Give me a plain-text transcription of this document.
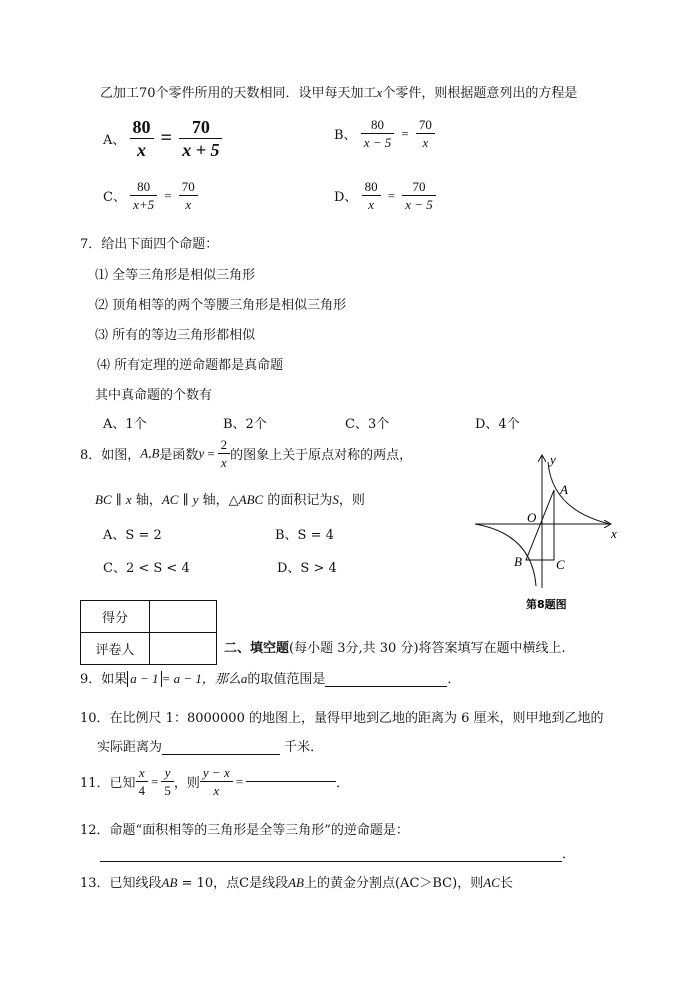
乙加工70个零件所用的天数相同．设甲每天加工x个零件，则根据题意列出的方程是
A、 $\frac{80}{x} = \frac{70}{x + 5}$	B、 $\frac{80}{x - 5} = \frac{70}{x}$
C、 $\frac{80}{x+5} = \frac{70}{x}$	D、 $\frac{80}{x} = \frac{70}{x - 5}$
7．给出下面四个命题：
⑴ 全等三角形是相似三角形
⑵ 顶角相等的两个等腰三角形是相似三角形
⑶ 所有的等边三角形都相似
⑷ 所有定理的逆命题都是真命题
其中真命题的个数有
A、1个	B、2个	C、3个	D、4个
8．如图，A,B是函数$y = \frac{2}{x}$ 的图象上关于原点对称的两点，
BC ∥ x 轴，AC ∥ y 轴，△ABC 的面积记为S，则
A、S = 2	B、S = 4
C、2 < S < 4	D、S > 4
y
x
O
A
B	C
第8题图
得分	
评卷人		二、填空题(每小题 3分,共 30 分)将答案填写在题中横线上.
9．如果 a − 1 = a − 1，那么a的取值范围是	．
10．在比例尺 1：8000000 的地图上，量得甲地到乙地的距离为 6 厘米，则甲地到乙地的
实际距离为	千米．
11．已知 $\frac{x}{4} = \frac{y}{5}$ ，则 $\frac{y - x}{x}$ =	．
12．命题“面积相等的三角形是全等三角形”的逆命题是：
．
13．已知线段AB = 10，点C是线段AB上的黄金分割点(AC＞BC)，则AC长
